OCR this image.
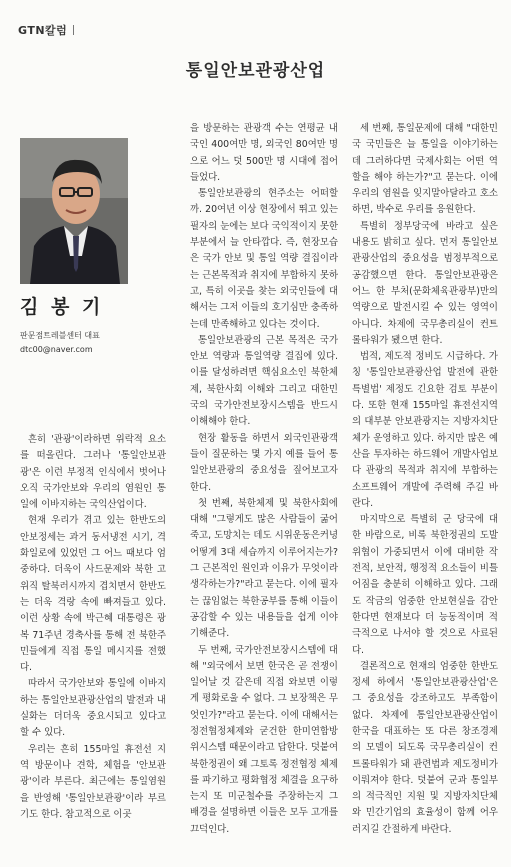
GTN칼럼
통일안보관광산업
김 봉 기
판문점트레블센터 대표
dtc00@naver.com

흔히 '관광'이라하면 위락적 요소를 떠올린다. 그러나 '통일안보관광'은 이런 부정적 인식에서 벗어나 오직 국가안보와 우리의 염원인 통일에 이바지하는 국익산업이다.

현재 우리가 겪고 있는 한반도의 안보정세는 과거 동서냉전 시기, 격화일로에 있었던 그 어느 때보다 엄중하다. 더욱이 사드문제와 북한 고위직 탈북러시까지 겹치면서 한반도는 더욱 격랑 속에 빠져들고 있다. 이런 상황 속에 박근혜 대통령은 광복 71주년 경축사를 통해 전 북한주민들에게 직접 통일 메시지를 전했다.

따라서 국가안보와 통일에 이바지하는 통일안보관광산업의 발전과 내실화는 더더욱 중요시되고 있다고 할 수 있다.

우리는 흔히 155마일 휴전선 지역 방문이나 견학, 체험을 '안보관광'이라 부른다. 최근에는 통일염원을 반영해 '통일안보관광'이라 부르기도 한다. 참고적으로 이곳

을 방문하는 관광객 수는 연평균 내국인 400여만 명, 외국인 80여만 명으로 어느 덧 500만 명 시대에 접어들었다.

통일안보관광의 현주소는 어떠할까. 20여년 이상 현장에서 뛰고 있는 필자의 눈에는 보다 국익적이지 못한 부분에서 늘 안타깝다. 즉, 현장모습은 국가 안보 및 통일 역량 결집이라는 근본목적과 취지에 부합하지 못하고, 특히 이곳을 찾는 외국인들에 대해서는 그저 이들의 호기심만 충족하는데 만족해하고 있다는 것이다.

통일안보관광의 근본 목적은 국가안보 역량과 통일역량 결집에 있다. 이를 달성하려면 핵심요소인 북한체제, 북한사회 이해와 그리고 대한민국의 국가안전보장시스템을 반드시 이해해야 한다.

현장 활동을 하면서 외국인관광객들이 질문하는 몇 가지 예를 들어 통일안보관광의 중요성을 짚어보고자 한다.

첫 번째, 북한체제 및 북한사회에 대해 "그렇게도 많은 사람들이 굶어죽고, 도망치는 데도 시위운동은커녕 어떻게 3대 세습까지 이루어지는가? 그 근본적인 원인과 이유가 무엇이라 생각하는가?"라고 묻는다. 이에 필자는 끊임없는 북한공부를 통해 이들이 공감할 수 있는 내용들을 쉽게 이야기해준다.

두 번째, 국가안전보장시스템에 대해 "외국에서 보면 한국은 곧 전쟁이 일어날 것 같은데 직접 와보면 이렇게 평화로울 수 없다. 그 보장책은 무엇인가?"라고 묻는다. 이에 대해서는 정전협정체제와 굳건한 한미연합방위시스템 때문이라고 답한다. 덧붙여 북한정권이 왜 그토록 정전협정 체제를 파기하고 평화협정 체결을 요구하는지 또 미군철수를 주장하는지 그 배경을 설명하면 이들은 모두 고개를 끄덕인다.

세 번째, 통일문제에 대해 "대한민국 국민들은 늘 통일을 이야기하는 데 그러하다면 국제사회는 어떤 역할을 해야 하는가?"고 묻는다. 이에 우리의 염원을 잊지말아달라고 호소하면, 박수로 우리를 응원한다.

특별히 정부당국에 바라고 싶은 내용도 밝히고 싶다. 먼저 통일안보관광산업의 중요성을 범정부적으로 공감했으면 한다. 통일안보관광은 어느 한 부처(문화체육관광부)만의 역량으로 발전시킬 수 있는 영역이 아니다. 차제에 국무총리실이 컨트롤타워가 됐으면 한다.

법적, 제도적 정비도 시급하다. 가칭 '통일안보관광산업 발전에 관한 특별법' 제정도 긴요한 검토 부분이다. 또한 현재 155마일 휴전선지역의 대부분 안보관광지는 지방자치단체가 운영하고 있다. 하지만 많은 예산을 투자하는 하드웨어 개발사업보다 관광의 목적과 취지에 부합하는 소프트웨어 개발에 주력해 주길 바란다.

마지막으로 특별히 군 당국에 대한 바람으로, 비록 북한정권의 도발위협이 가중되면서 이에 대비한 작전적, 보안적, 행정적 요소들이 비틀어짐을 충분히 이해하고 있다. 그래도 작금의 엄중한 안보현실을 감안한다면 현재보다 더 능동적이며 적극적으로 나서야 할 것으로 사료된다.

결론적으로 현재의 엄중한 한반도 정세 하에서 '통일안보관광산업'은 그 중요성을 강조하고도 부족함이 없다. 차제에 통일안보관광산업이 한국을 대표하는 또 다른 창조경제의 모델이 되도록 국무총리실이 컨트롤타워가 돼 관련법과 제도정비가 이뤄져야 한다. 덧붙여 군과 통일부의 적극적인 지원 및 지방자치단체와 민간기업의 효율성이 함께 어우러지길 간절하게 바란다.
